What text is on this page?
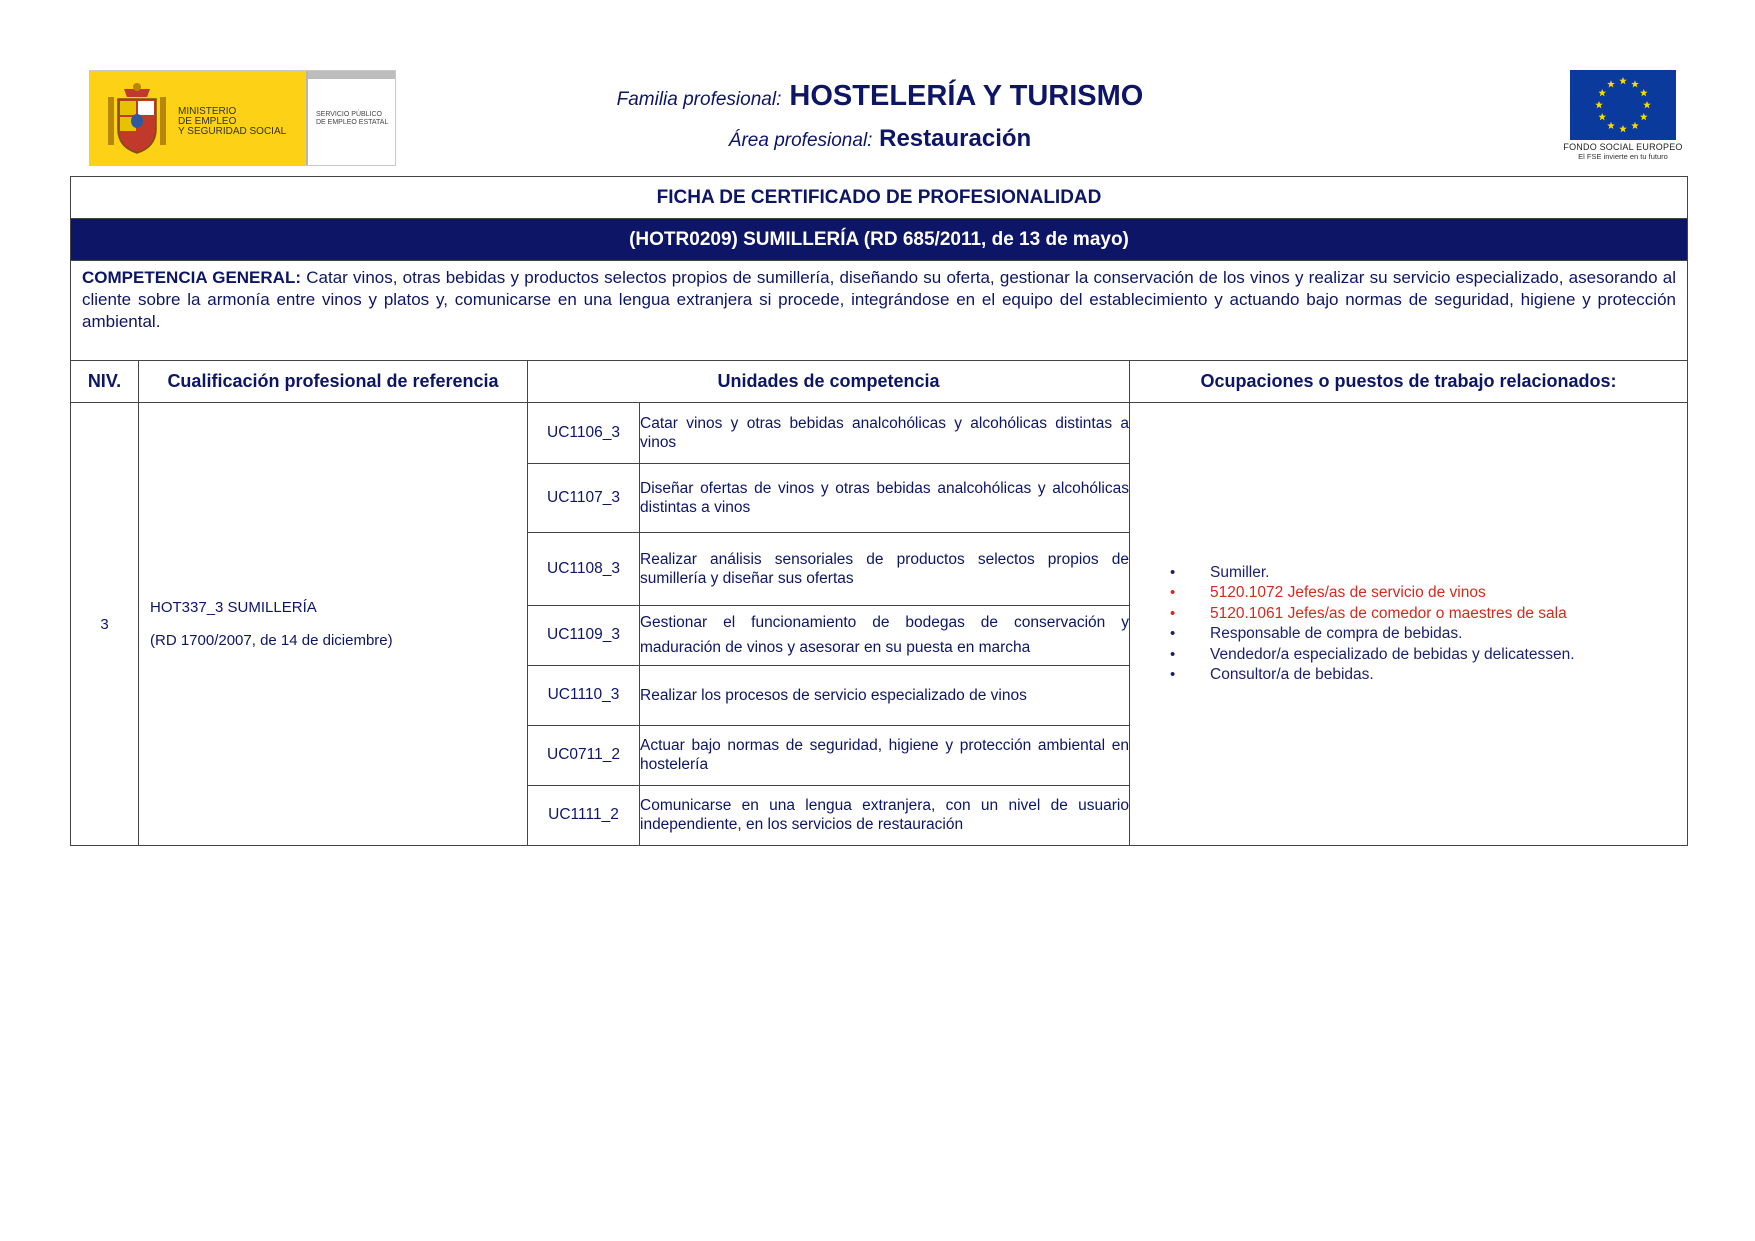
MINISTERIO
DE EMPLEO
Y SEGURIDAD SOCIAL
SERVICIO PÚBLICO
DE EMPLEO ESTATAL
Familia profesional: HOSTELERÍA Y TURISMO
Área profesional: Restauración	FONDO SOCIAL EUROPEO
El FSE invierte en tu futuro
FICHA DE CERTIFICADO DE PROFESIONALIDAD
(HOTR0209) SUMILLERÍA (RD 685/2011, de 13 de mayo)
COMPETENCIA GENERAL: Catar vinos, otras bebidas y productos selectos propios de sumillería, diseñando su oferta, gestionar la conservación de los vinos y realizar su servicio especializado, asesorando al cliente sobre la armonía entre vinos y platos y, comunicarse en una lengua extranjera si procede, integrándose en el equipo del establecimiento y actuando bajo normas de seguridad, higiene y protección ambiental.
NIV.	Cualificación profesional de referencia	Unidades de competencia	Ocupaciones o puestos de trabajo relacionados:
3	

HOT337_3 SUMILLERÍA

(RD 1700/2007, de 14 de diciembre)

UC1106_3	Catar vinos y otras bebidas analcohólicas y alcohólicas distintas a vinos
UC1107_3	Diseñar ofertas de vinos y otras bebidas analcohólicas y alcohólicas distintas a vinos
UC1108_3	Realizar análisis sensoriales de productos selectos propios de sumillería y diseñar sus ofertas
UC1109_3	Gestionar el funcionamiento de bodegas de conservación y maduración de vinos y asesorar en su puesta en marcha
UC1110_3	Realizar los procesos de servicio especializado de vinos
UC0711_2	Actuar bajo normas de seguridad, higiene y protección ambiental en hostelería
UC1111_2	Comunicarse en una lengua extranjera, con un nivel de usuario independiente, en los servicios de restauración

• Sumiller.
• 5120.1072 Jefes/as de servicio de vinos
• 5120.1061 Jefes/as de comedor o maestres de sala
• Responsable de compra de bebidas.
• Vendedor/a especializado de bebidas y delicatessen.
• Consultor/a de bebidas.
